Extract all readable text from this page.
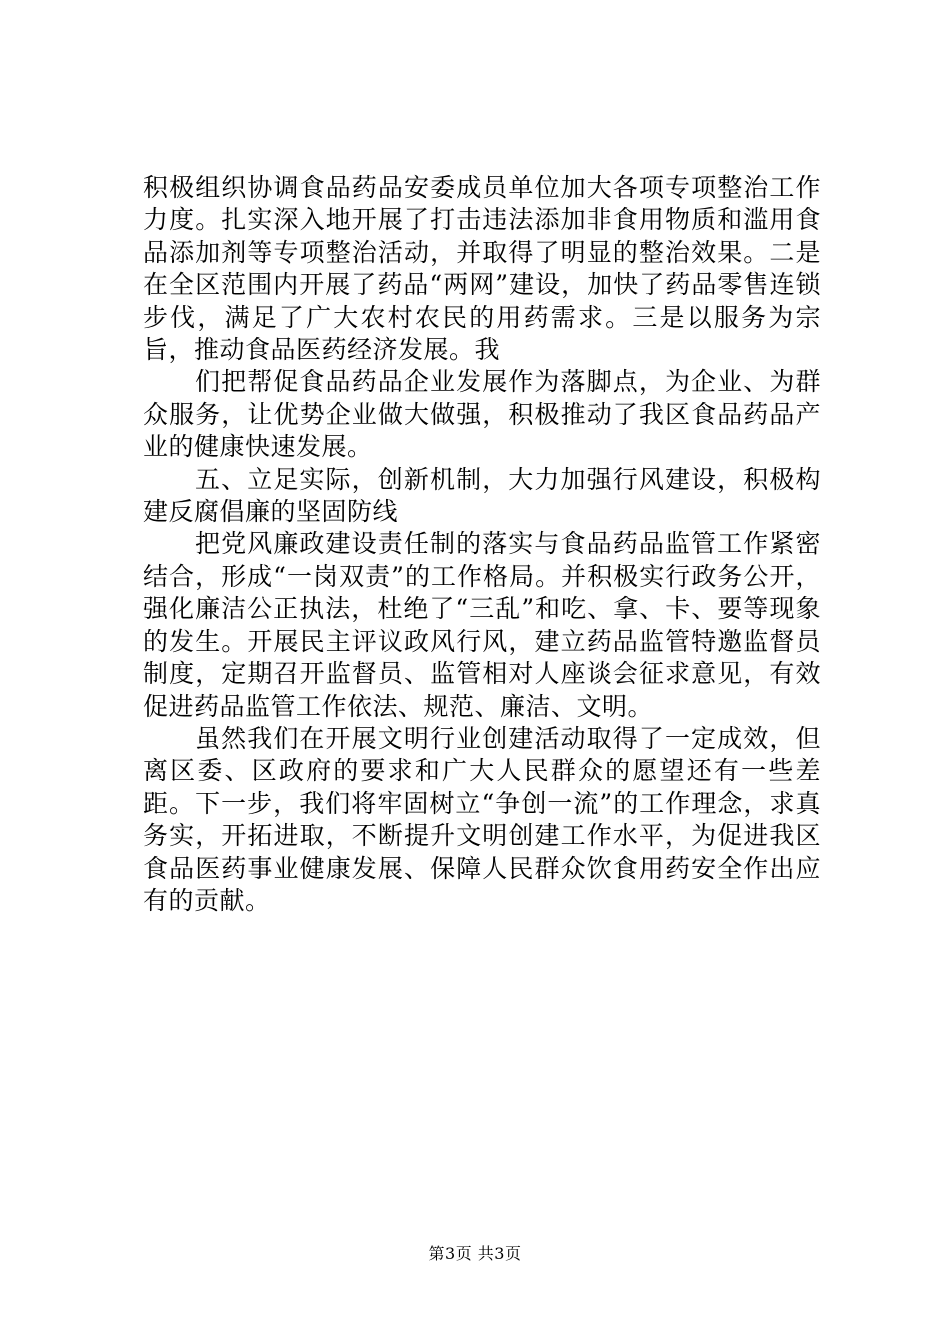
积极组织协调食品药品安委成员单位加大各项专项整治工作力度。扎实深入地开展了打击违法添加非食用物质和滥用食品添加剂等专项整治活动，并取得了明显的整治效果。二是在全区范围内开展了药品“两网”建设，加快了药品零售连锁步伐，满足了广大农村农民的用药需求。三是以服务为宗旨，推动食品医药经济发展。我

们把帮促食品药品企业发展作为落脚点，为企业、为群众服务，让优势企业做大做强，积极推动了我区食品药品产业的健康快速发展。

五、立足实际，创新机制，大力加强行风建设，积极构建反腐倡廉的坚固防线

把党风廉政建设责任制的落实与食品药品监管工作紧密结合，形成“一岗双责”的工作格局。并积极实行政务公开，强化廉洁公正执法，杜绝了“三乱”和吃、拿、卡、要等现象的发生。开展民主评议政风行风，建立药品监管特邀监督员制度，定期召开监督员、监管相对人座谈会征求意见，有效促进药品监管工作依法、规范、廉洁、文明。

虽然我们在开展文明行业创建活动取得了一定成效，但离区委、区政府的要求和广大人民群众的愿望还有一些差距。下一步，我们将牢固树立“争创一流”的工作理念，求真务实，开拓进取，不断提升文明创建工作水平，为促进我区食品医药事业健康发展、保障人民群众饮食用药安全作出应有的贡献。

第3页 共3页
